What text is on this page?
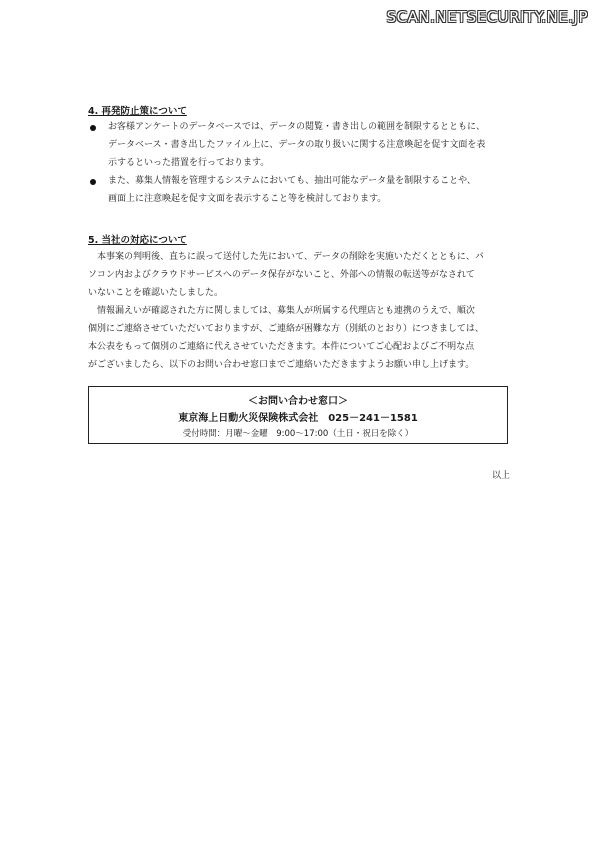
SCAN.NETSECURITY.NE.JP
4. 再発防止策について
お客様アンケートのデータベースでは、データの閲覧・書き出しの範囲を制限するとともに、
データベース・書き出したファイル上に、データの取り扱いに関する注意喚起を促す文面を表
示するといった措置を行っております。
また、募集人情報を管理するシステムにおいても、抽出可能なデータ量を制限することや、
画面上に注意喚起を促す文面を表示すること等を検討しております。
5. 当社の対応について
本事案の判明後、直ちに誤って送付した先において、データの削除を実施いただくとともに、パ
ソコン内およびクラウドサービスへのデータ保存がないこと、外部への情報の転送等がなされて
いないことを確認いたしました。
情報漏えいが確認された方に関しましては、募集人が所属する代理店とも連携のうえで、順次
個別にご連絡させていただいておりますが、ご連絡が困難な方（別紙のとおり）につきましては、
本公表をもって個別のご連絡に代えさせていただきます。本件についてご心配およびご不明な点
がございましたら、以下のお問い合わせ窓口までご連絡いただきますようお願い申し上げます。
＜お問い合わせ窓口＞
東京海上日動火災保険株式会社　025－241－1581
受付時間：月曜～金曜　9:00～17:00（土日・祝日を除く）
以上
